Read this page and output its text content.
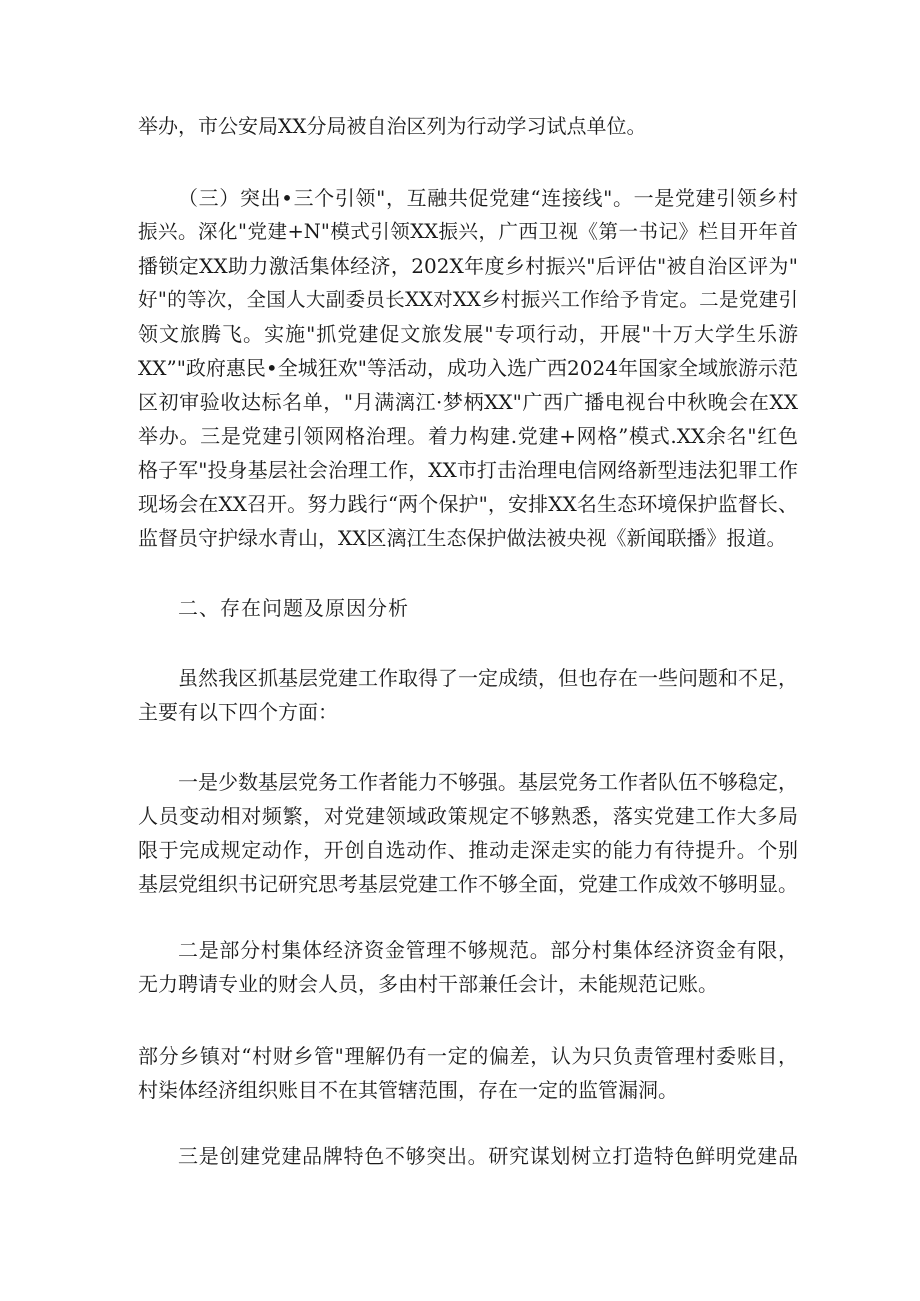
举办，市公安局XX分局被自治区列为行动学习试点单位。
（三）突出•三个引领"，互融共促党建“连接线"。一是党建引领乡村
振兴。深化"党建+N"模式引领XX振兴，广西卫视《第一书记》栏目开年首
播锁定XX助力激活集体经济，202X年度乡村振兴"后评估"被自治区评为"
好"的等次，全国人大副委员长XX对XX乡村振兴工作给予肯定。二是党建引
领文旅腾飞。实施"抓党建促文旅发展"专项行动，开展"十万大学生乐游
XX”"政府惠民•全城狂欢"等活动，成功入选广西2024年国家全域旅游示范
区初审验收达标名单，"月满漓江·梦柄XX"广西广播电视台中秋晚会在XX
举办。三是党建引领网格治理。着力构建.党建+网格”模式.XX余名"红色
格子军"投身基层社会治理工作，XX市打击治理电信网络新型违法犯罪工作
现场会在XX召开。努力践行“两个保护"，安排XX名生态环境保护监督长、
监督员守护绿水青山，XX区漓江生态保护做法被央视《新闻联播》报道。
二、存在问题及原因分析
虽然我区抓基层党建工作取得了一定成绩，但也存在一些问题和不足，
主要有以下四个方面：
一是少数基层党务工作者能力不够强。基层党务工作者队伍不够稳定，
人员变动相对频繁，对党建领域政策规定不够熟悉，落实党建工作大多局
限于完成规定动作，开创自选动作、推动走深走实的能力有待提升。个别
基层党组织书记研究思考基层党建工作不够全面，党建工作成效不够明显。
二是部分村集体经济资金管理不够规范。部分村集体经济资金有限，
无力聘请专业的财会人员，多由村干部兼任会计，未能规范记账。
部分乡镇对“村财乡管"理解仍有一定的偏差，认为只负责管理村委账目，
村柒体经济组织账目不在其管辖范围，存在一定的监管漏洞。
三是创建党建品牌特色不够突出。研究谋划树立打造特色鲜明党建品
